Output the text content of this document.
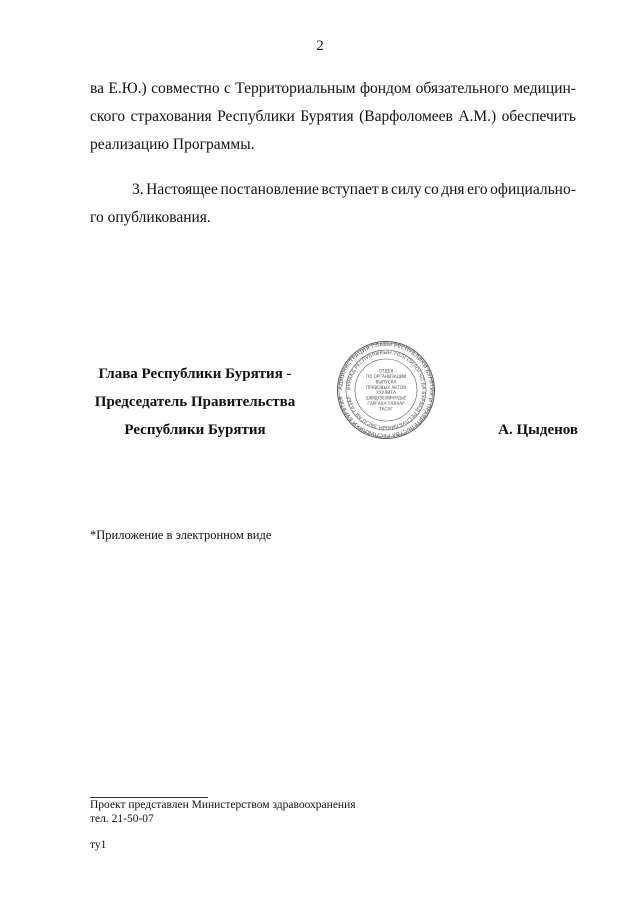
2
ва Е.Ю.) совместно с Территориальным фондом обязательного медицин-
ского страхования Республики Бурятия (Варфоломеев А.М.) обеспечить
реализацию Программы.
3. Настоящее постановление вступает в силу со дня его официально-
го опубликования.
Глава Республики Бурятия -
Председатель Правительства
Республики Бурятия
АДМИНИСТРАЦИЯ ГЛАВЫ РЕСПУБЛИКИ БУРЯТИЯ И ПРАВИТЕЛЬСТВА РЕСПУБЛИКИ БУРЯТИЯ
БУРЯАД РЕСПУБЛИКЫН ТОЛГОЙЛОГЧО БА БУРЯАД РЕСПУБЛИКЫН ЗАСАГАЙ ГАЗАР
ОТДЕЛ
ПО ОРГАНИЗАЦИИ
ВЫПУСКА
ПРАВОВЫХ АКТОВ
ХУУЛИТА
ШИИДХЭБЭРИНУУДЫЕ
ГАРГАХА ТАЛААР
ТАСАГ
А. Цыденов
*Приложение в электронном виде
Проект представлен Министерством здравоохранения
тел. 21-50-07
ту1
